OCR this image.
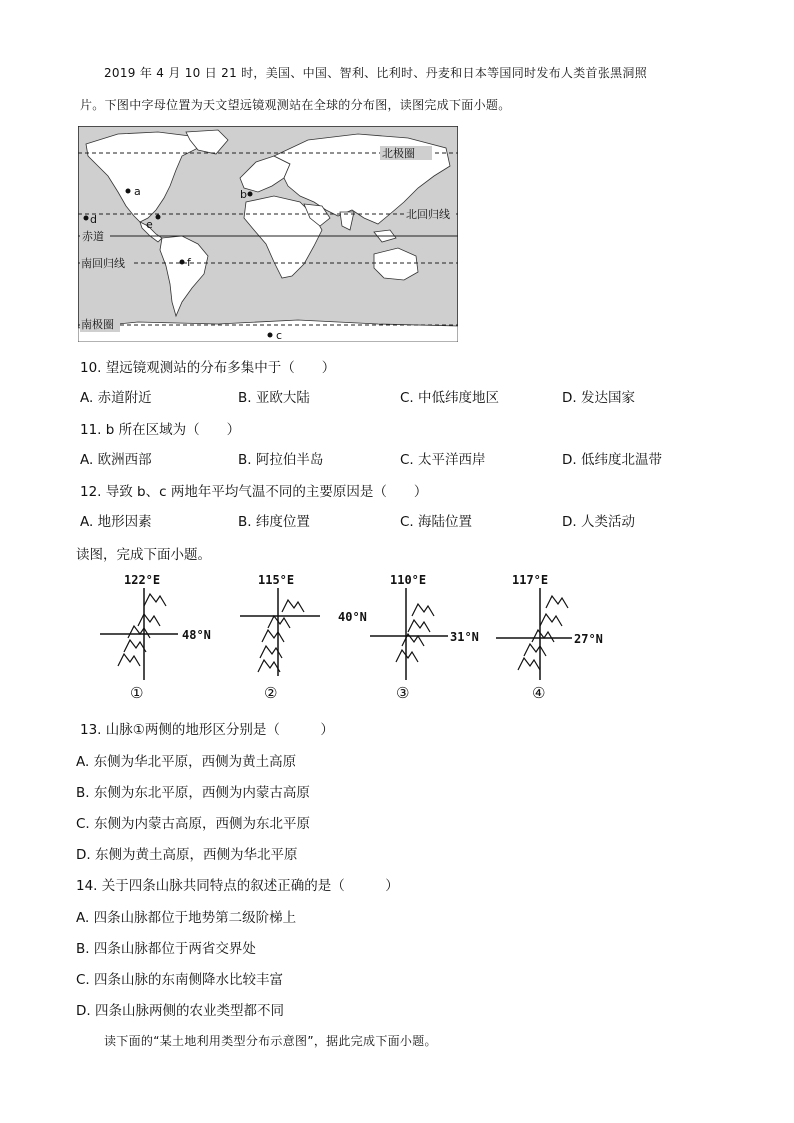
2019 年 4 月 10 日 21 时，美国、中国、智利、比利时、丹麦和日本等国同时发布人类首张黑洞照
片。下图中字母位置为天文望远镜观测站在全球的分布图，读图完成下面小题。
北极圈
北回归线
赤道
南回归线
南极圈
a	b
c
d	e
f
10. 望远镜观测站的分布多集中于（　　）
A. 赤道附近	B. 亚欧大陆	C. 中低纬度地区	D. 发达国家
11. b 所在区域为（　　）
A. 欧洲西部	B. 阿拉伯半岛	C. 太平洋西岸	D. 低纬度北温带
12. 导致 b、c 两地年平均气温不同的主要原因是（　　）
A. 地形因素	B. 纬度位置	C. 海陆位置	D. 人类活动
读图，完成下面小题。
122°E
48°N
①
115°E
40°N
②
110°E
31°N
③
117°E
27°N
④
13. 山脉①两侧的地形区分别是（　　　）
A. 东侧为华北平原，西侧为黄土高原
B. 东侧为东北平原，西侧为内蒙古高原
C. 东侧为内蒙古高原，西侧为东北平原
D. 东侧为黄土高原，西侧为华北平原
14. 关于四条山脉共同特点的叙述正确的是（　　　）
A. 四条山脉都位于地势第二级阶梯上
B. 四条山脉都位于两省交界处
C. 四条山脉的东南侧降水比较丰富
D. 四条山脉两侧的农业类型都不同
读下面的“某土地利用类型分布示意图”，据此完成下面小题。
